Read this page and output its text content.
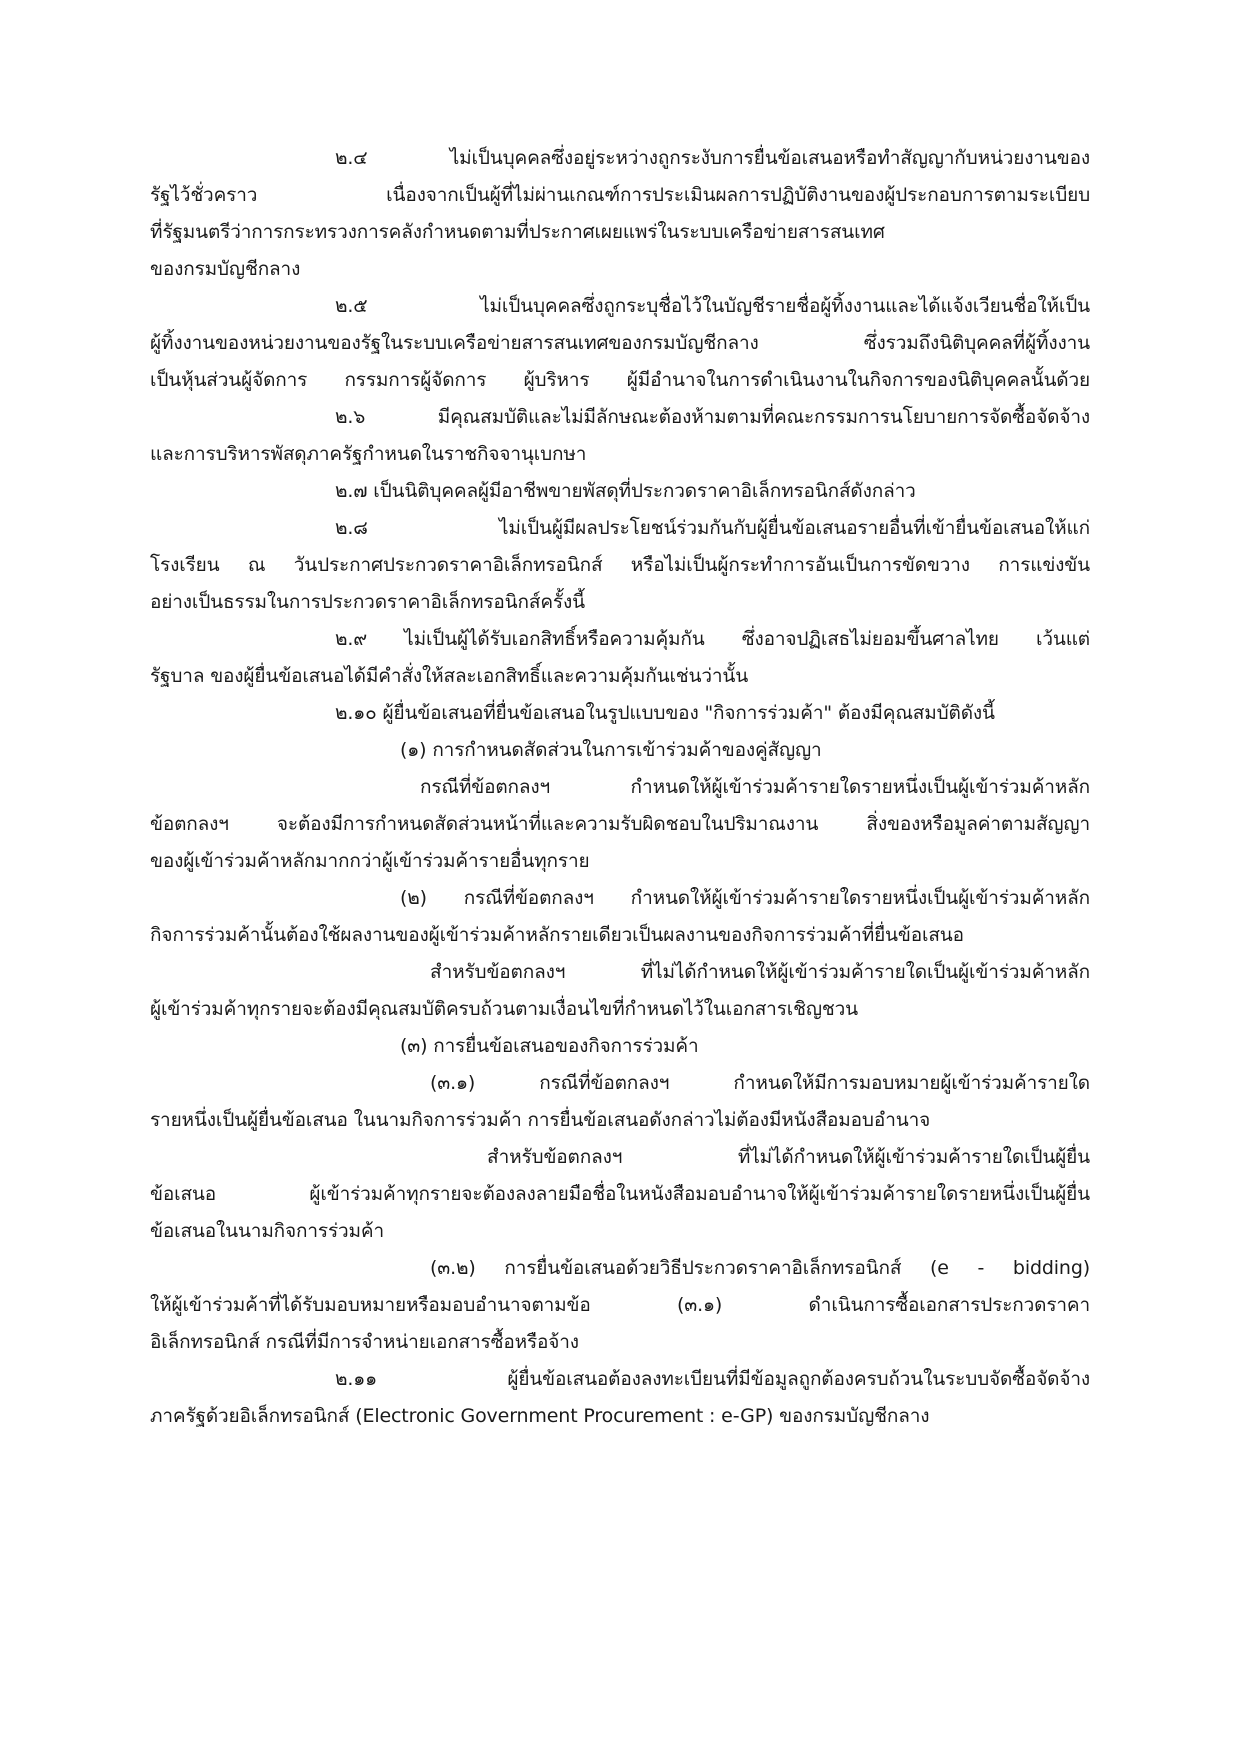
๒.๔ ไม่เป็นบุคคลซึ่งอยู่ระหว่างถูกระงับการยื่นข้อเสนอหรือทำสัญญากับหน่วยงานของ
รัฐไว้ชั่วคราว เนื่องจากเป็นผู้ที่ไม่ผ่านเกณฑ์การประเมินผลการปฏิบัติงานของผู้ประกอบการตามระเบียบ
ที่รัฐมนตรีว่าการกระทรวงการคลังกำหนดตามที่ประกาศเผยแพร่ในระบบเครือข่ายสารสนเทศ
ของกรมบัญชีกลาง
๒.๕ ไม่เป็นบุคคลซึ่งถูกระบุชื่อไว้ในบัญชีรายชื่อผู้ทิ้งงานและได้แจ้งเวียนชื่อให้เป็น
ผู้ทิ้งงานของหน่วยงานของรัฐในระบบเครือข่ายสารสนเทศของกรมบัญชีกลาง ซึ่งรวมถึงนิติบุคคลที่ผู้ทิ้งงาน
เป็นหุ้นส่วนผู้จัดการ กรรมการผู้จัดการ ผู้บริหาร ผู้มีอำนาจในการดำเนินงานในกิจการของนิติบุคคลนั้นด้วย
๒.๖ มีคุณสมบัติและไม่มีลักษณะต้องห้ามตามที่คณะกรรมการนโยบายการจัดซื้อจัดจ้าง
และการบริหารพัสดุภาครัฐกำหนดในราชกิจจานุเบกษา
๒.๗ เป็นนิติบุคคลผู้มีอาชีพขายพัสดุที่ประกวดราคาอิเล็กทรอนิกส์ดังกล่าว
๒.๘ ไม่เป็นผู้มีผลประโยชน์ร่วมกันกับผู้ยื่นข้อเสนอรายอื่นที่เข้ายื่นข้อเสนอให้แก่
โรงเรียน ณ วันประกาศประกวดราคาอิเล็กทรอนิกส์ หรือไม่เป็นผู้กระทำการอันเป็นการขัดขวาง การแข่งขัน
อย่างเป็นธรรมในการประกวดราคาอิเล็กทรอนิกส์ครั้งนี้
๒.๙ ไม่เป็นผู้ได้รับเอกสิทธิ์หรือความคุ้มกัน ซึ่งอาจปฏิเสธไม่ยอมขึ้นศาลไทย เว้นแต่
รัฐบาล ของผู้ยื่นข้อเสนอได้มีคำสั่งให้สละเอกสิทธิ์และความคุ้มกันเช่นว่านั้น
๒.๑๐ ผู้ยื่นข้อเสนอที่ยื่นข้อเสนอในรูปแบบของ "กิจการร่วมค้า" ต้องมีคุณสมบัติดังนี้
(๑) การกำหนดสัดส่วนในการเข้าร่วมค้าของคู่สัญญา
กรณีที่ข้อตกลงฯ กำหนดให้ผู้เข้าร่วมค้ารายใดรายหนึ่งเป็นผู้เข้าร่วมค้าหลัก
ข้อตกลงฯ จะต้องมีการกำหนดสัดส่วนหน้าที่และความรับผิดชอบในปริมาณงาน สิ่งของหรือมูลค่าตามสัญญา
ของผู้เข้าร่วมค้าหลักมากกว่าผู้เข้าร่วมค้ารายอื่นทุกราย
(๒) กรณีที่ข้อตกลงฯ กำหนดให้ผู้เข้าร่วมค้ารายใดรายหนึ่งเป็นผู้เข้าร่วมค้าหลัก
กิจการร่วมค้านั้นต้องใช้ผลงานของผู้เข้าร่วมค้าหลักรายเดียวเป็นผลงานของกิจการร่วมค้าที่ยื่นข้อเสนอ
สำหรับข้อตกลงฯ ที่ไม่ได้กำหนดให้ผู้เข้าร่วมค้ารายใดเป็นผู้เข้าร่วมค้าหลัก
ผู้เข้าร่วมค้าทุกรายจะต้องมีคุณสมบัติครบถ้วนตามเงื่อนไขที่กำหนดไว้ในเอกสารเชิญชวน
(๓) การยื่นข้อเสนอของกิจการร่วมค้า
(๓.๑) กรณีที่ข้อตกลงฯ กำหนดให้มีการมอบหมายผู้เข้าร่วมค้ารายใด
รายหนึ่งเป็นผู้ยื่นข้อเสนอ ในนามกิจการร่วมค้า การยื่นข้อเสนอดังกล่าวไม่ต้องมีหนังสือมอบอำนาจ
สำหรับข้อตกลงฯ ที่ไม่ได้กำหนดให้ผู้เข้าร่วมค้ารายใดเป็นผู้ยื่น
ข้อเสนอ ผู้เข้าร่วมค้าทุกรายจะต้องลงลายมือชื่อในหนังสือมอบอำนาจให้ผู้เข้าร่วมค้ารายใดรายหนึ่งเป็นผู้ยื่น
ข้อเสนอในนามกิจการร่วมค้า
(๓.๒) การยื่นข้อเสนอด้วยวิธีประกวดราคาอิเล็กทรอนิกส์ (e - bidding)
ให้ผู้เข้าร่วมค้าที่ได้รับมอบหมายหรือมอบอำนาจตามข้อ (๓.๑) ดำเนินการซื้อเอกสารประกวดราคา
อิเล็กทรอนิกส์ กรณีที่มีการจำหน่ายเอกสารซื้อหรือจ้าง
๒.๑๑ ผู้ยื่นข้อเสนอต้องลงทะเบียนที่มีข้อมูลถูกต้องครบถ้วนในระบบจัดซื้อจัดจ้าง
ภาครัฐด้วยอิเล็กทรอนิกส์ (Electronic Government Procurement : e-GP) ของกรมบัญชีกลาง
